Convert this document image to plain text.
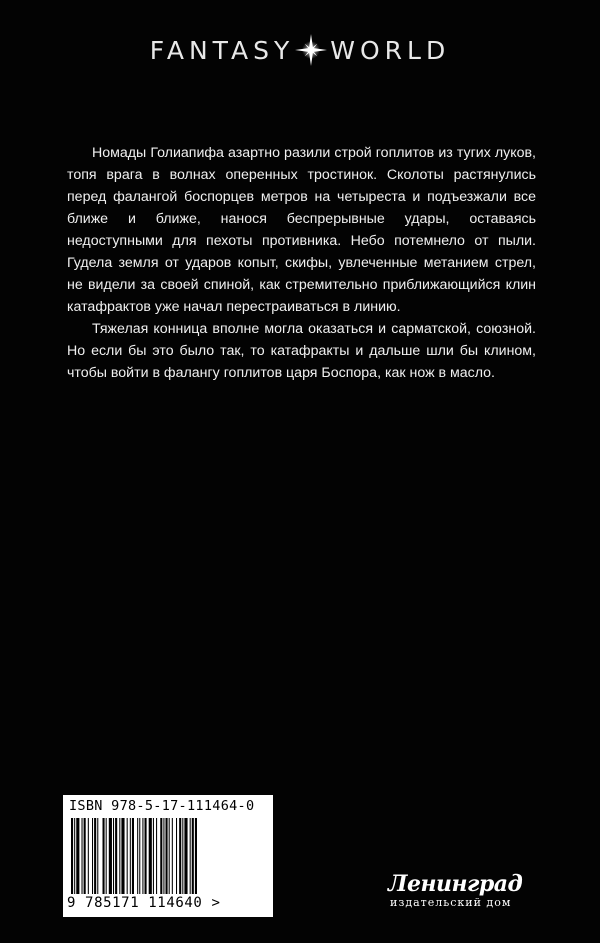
FANTASY WORLD

Номады Голиапифа азартно разили строй гоплитов из тугих луков, топя врага в волнах оперенных тростинок. Сколоты растянулись перед фалангой боспорцев метров на четыреста и подъезжали все ближе и ближе, нанося беспрерывные удары, оставаясь недоступными для пехоты противника. Небо потемнело от пыли. Гудела земля от ударов копыт, скифы, увлеченные метанием стрел, не видели за своей спиной, как стремительно приближающийся клин катафрактов уже начал перестраиваться в линию.

Тяжелая конница вполне могла оказаться и сарматской, союзной. Но если бы это было так, то катафракты и дальше шли бы клином, чтобы войти в фалангу гоплитов царя Боспора, как нож в масло.

ISBN 978-5-17-111464-0
9 785171 114640 >
Ленинград
издательский дом
